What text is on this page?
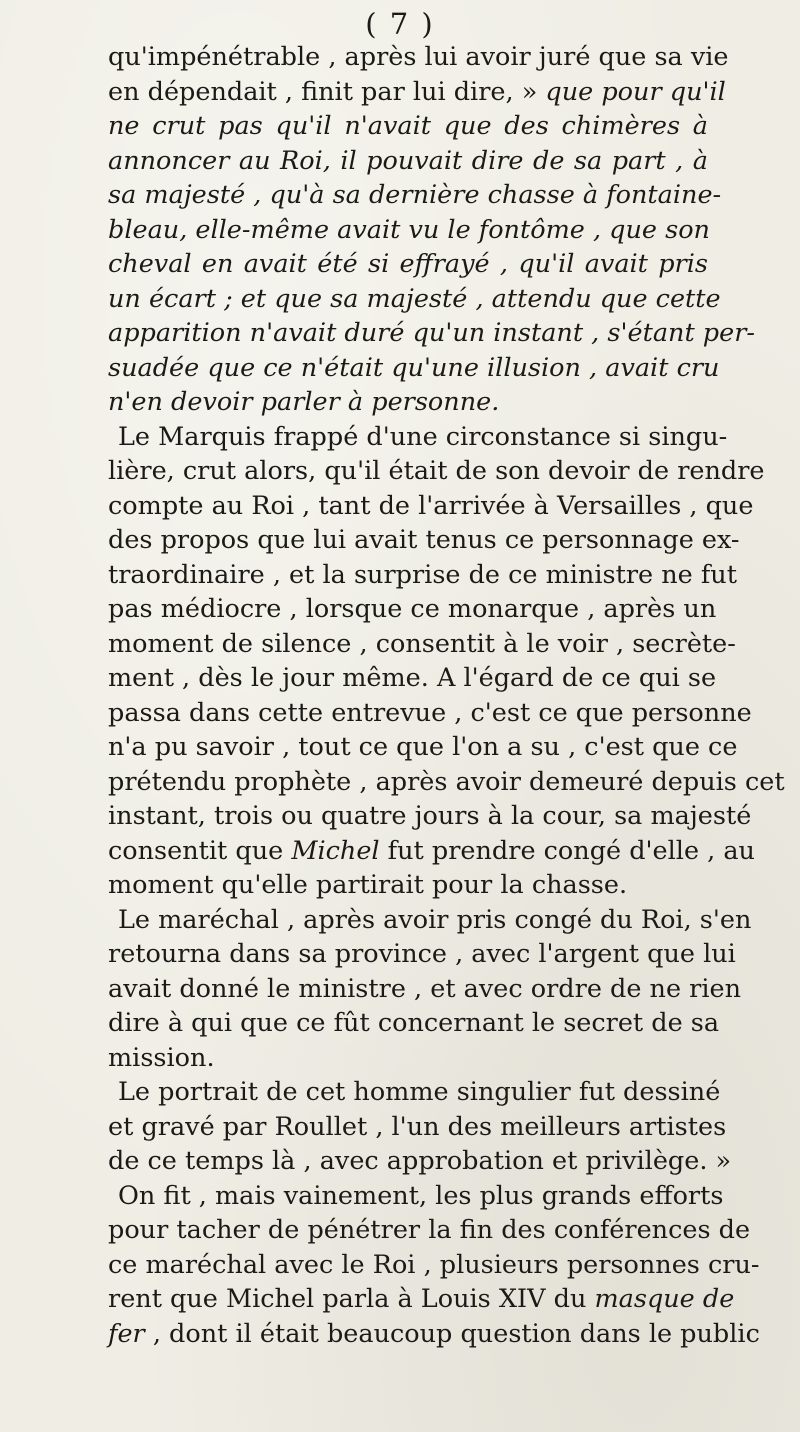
( 7 )
qu'impénétrable , après lui avoir juré que sa vie
en dépendait , finit par lui dire, » que pour qu'il
ne crut pas qu'il n'avait que des chimères à
annoncer au Roi, il pouvait dire de sa part , à
sa majesté , qu'à sa dernière chasse à fontaine-
bleau, elle-même avait vu le fontôme , que son
cheval en avait été si effrayé , qu'il avait pris
un écart ; et que sa majesté , attendu que cette
apparition n'avait duré qu'un instant , s'étant per-
suadée que ce n'était qu'une illusion , avait cru
n'en devoir parler à personne.
Le Marquis frappé d'une circonstance si singu-
lière, crut alors, qu'il était de son devoir de rendre
compte au Roi , tant de l'arrivée à Versailles , que
des propos que lui avait tenus ce personnage ex-
traordinaire , et la surprise de ce ministre ne fut
pas médiocre , lorsque ce monarque , après un
moment de silence , consentit à le voir , secrète-
ment , dès le jour même. A l'égard de ce qui se
passa dans cette entrevue , c'est ce que personne
n'a pu savoir , tout ce que l'on a su , c'est que ce
prétendu prophète , après avoir demeuré depuis cet
instant, trois ou quatre jours à la cour, sa majesté
consentit que Michel fut prendre congé d'elle , au
moment qu'elle partirait pour la chasse.
Le maréchal , après avoir pris congé du Roi, s'en
retourna dans sa province , avec l'argent que lui
avait donné le ministre , et avec ordre de ne rien
dire à qui que ce fût concernant le secret de sa
mission.
Le portrait de cet homme singulier fut dessiné
et gravé par Roullet , l'un des meilleurs artistes
de ce temps là , avec approbation et privilège. »
On fit , mais vainement, les plus grands efforts
pour tacher de pénétrer la fin des conférences de
ce maréchal avec le Roi , plusieurs personnes cru-
rent que Michel parla à Louis XIV du masque de
fer , dont il était beaucoup question dans le public
